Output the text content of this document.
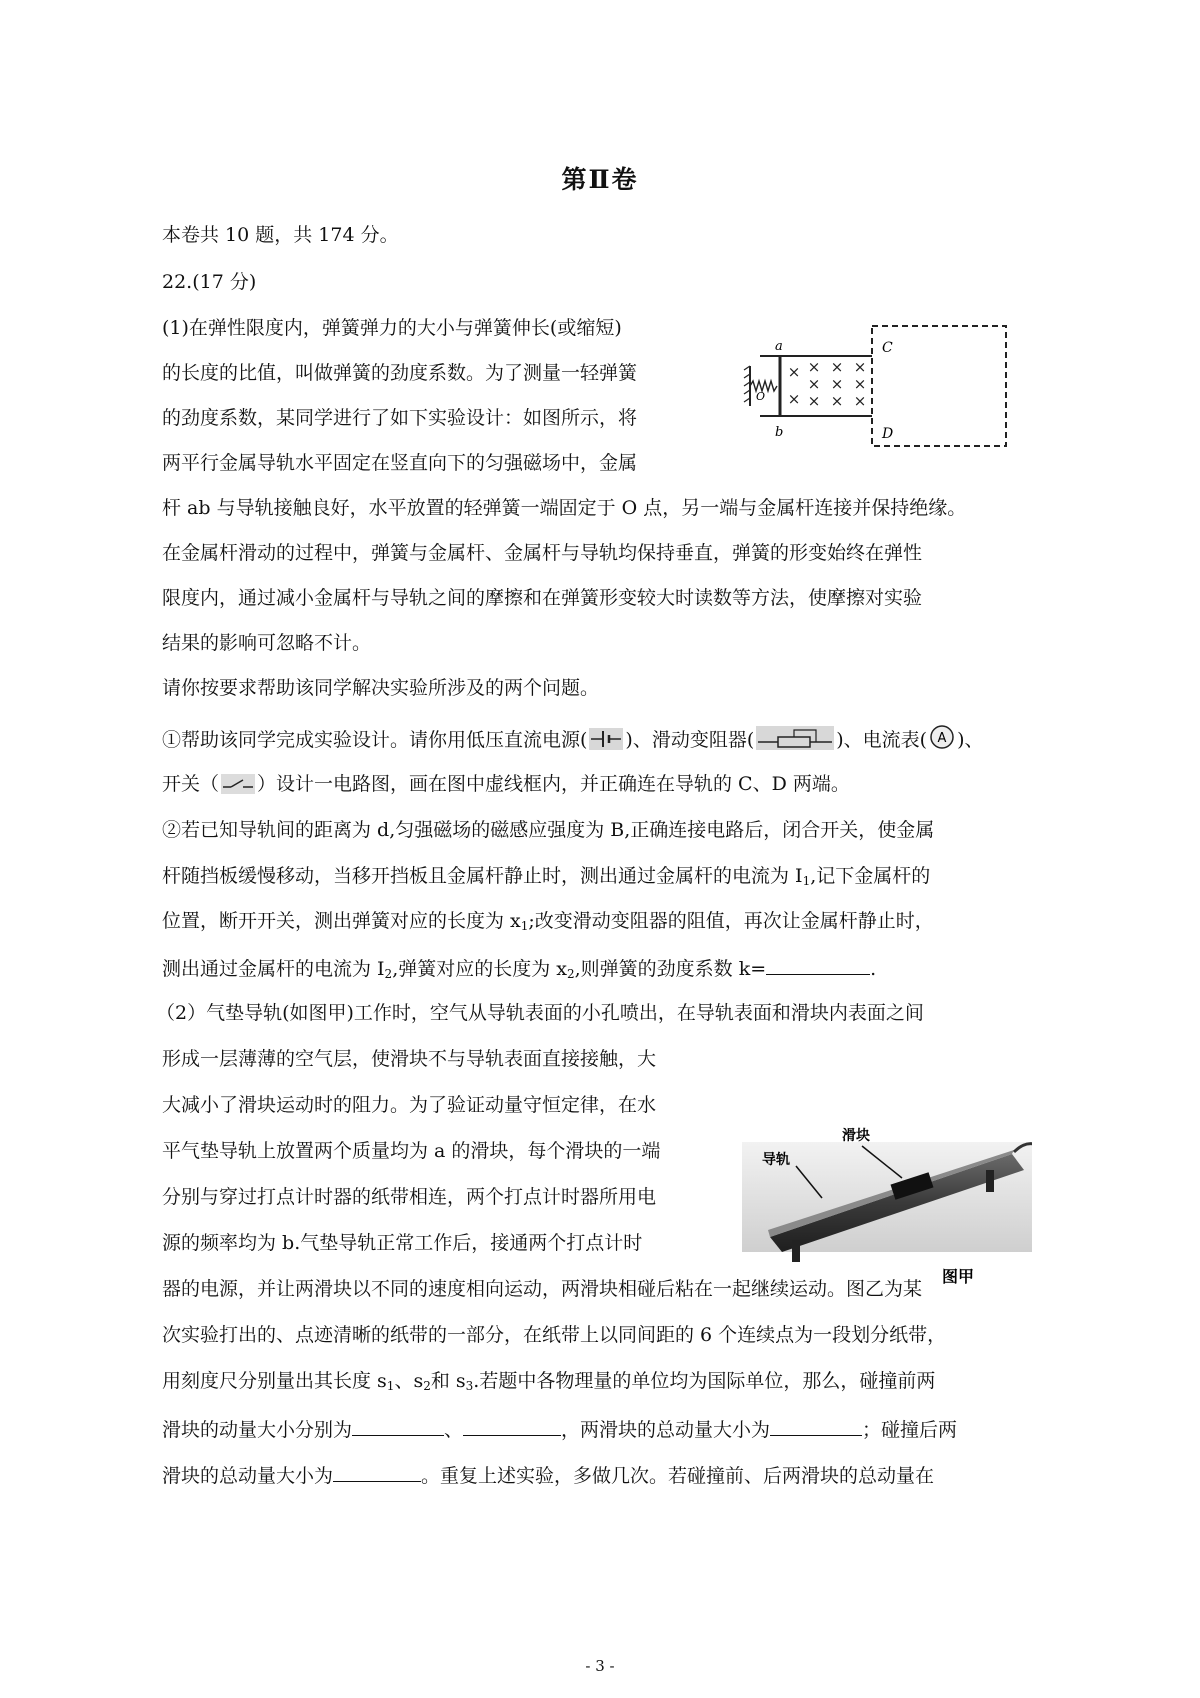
第Ⅱ卷
本卷共 10 题，共 174 分。
22.(17 分)
(1)在弹性限度内，弹簧弹力的大小与弹簧伸长(或缩短)
的长度的比值，叫做弹簧的劲度系数。为了测量一轻弹簧
的劲度系数，某同学进行了如下实验设计：如图所示，将
两平行金属导轨水平固定在竖直向下的匀强磁场中，金属
杆 ab 与导轨接触良好，水平放置的轻弹簧一端固定于 O 点，另一端与金属杆连接并保持绝缘。
在金属杆滑动的过程中，弹簧与金属杆、金属杆与导轨均保持垂直，弹簧的形变始终在弹性
限度内，通过减小金属杆与导轨之间的摩擦和在弹簧形变较大时读数等方法，使摩擦对实验
结果的影响可忽略不计。
请你按要求帮助该同学解决实验所涉及的两个问题。
×
×
×
×
×
×
×
×
×
×
×
a
b
C
D
O
①帮助该同学完成实验设计。请你用低压直流电源( )、滑动变阻器(	)、电流表( A )、
开关（ ）设计一电路图，画在图中虚线框内，并正确连在导轨的 C、D 两端。
②若已知导轨间的距离为 d,匀强磁场的磁感应强度为 B,正确连接电路后，闭合开关，使金属
杆随挡板缓慢移动，当移开挡板且金属杆静止时，测出通过金属杆的电流为 $I_1$,记下金属杆的
位置，断开开关，测出弹簧对应的长度为 $x_1$;改变滑动变阻器的阻值，再次让金属杆静止时，
测出通过金属杆的电流为 $I_2$,弹簧对应的长度为 $x_2$,则弹簧的劲度系数 k=	.
（2）气垫导轨(如图甲)工作时，空气从导轨表面的小孔喷出，在导轨表面和滑块内表面之间
形成一层薄薄的空气层，使滑块不与导轨表面直接接触，大
大减小了滑块运动时的阻力。为了验证动量守恒定律，在水
平气垫导轨上放置两个质量均为 a 的滑块，每个滑块的一端
分别与穿过打点计时器的纸带相连，两个打点计时器所用电
源的频率均为 b.气垫导轨正常工作后，接通两个打点计时
器的电源，并让两滑块以不同的速度相向运动，两滑块相碰后粘在一起继续运动。图乙为某
次实验打出的、点迹清晰的纸带的一部分，在纸带上以同间距的 6 个连续点为一段划分纸带，
用刻度尺分别量出其长度 $s_1$、$s_2$和 $s_3$.若题中各物理量的单位均为国际单位，那么，碰撞前两
滑块的动量大小分别为	、	，两滑块的总动量大小为	；碰撞后两
滑块的总动量大小为	。重复上述实验，多做几次。若碰撞前、后两滑块的总动量在
滑块
导轨
图甲
- 3 -
